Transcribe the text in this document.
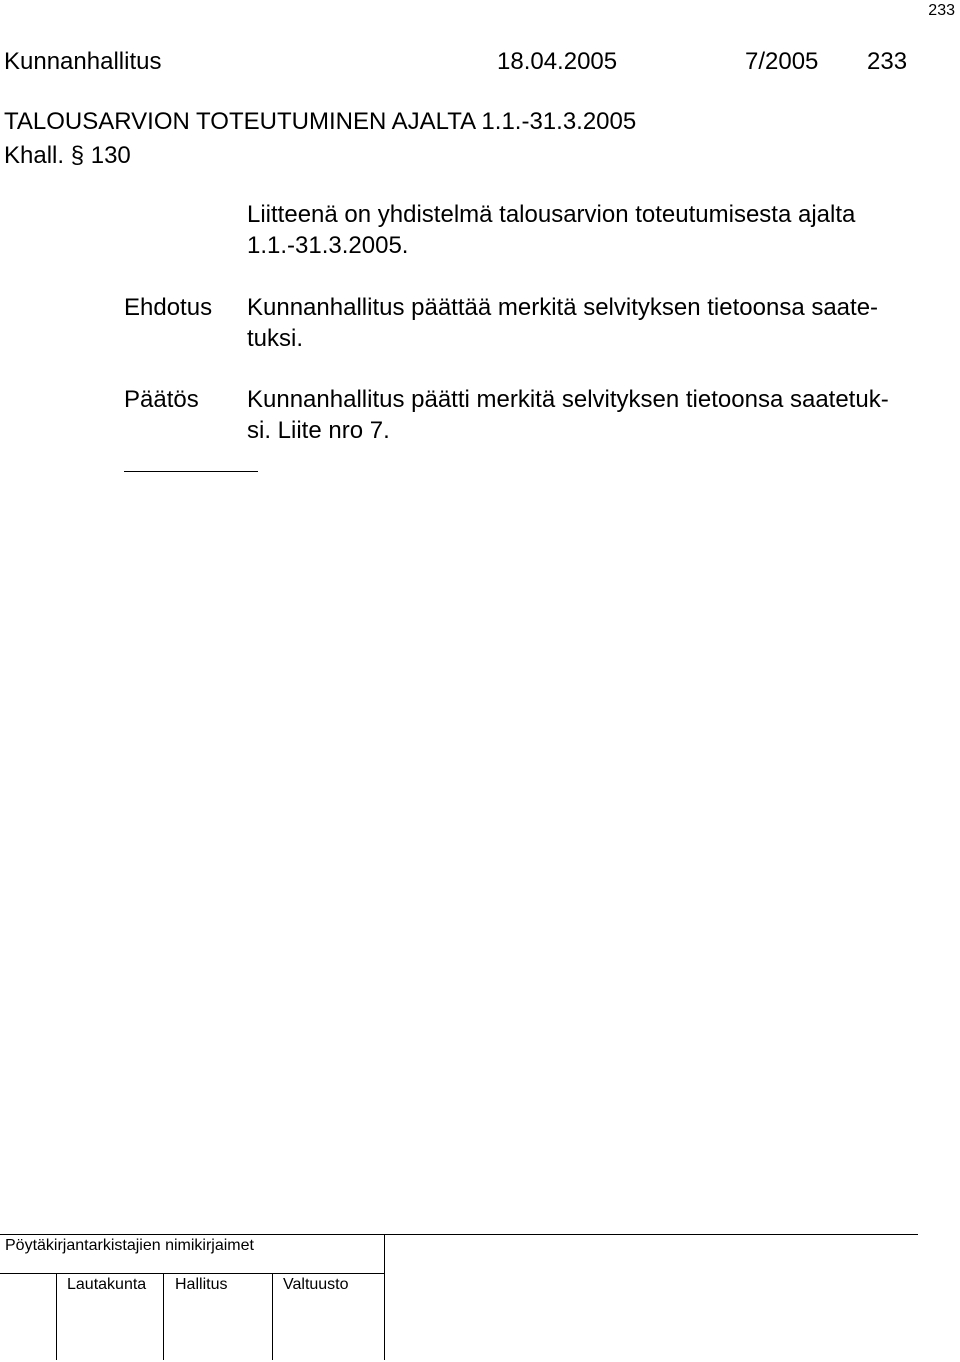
233
Kunnanhallitus	18.04.2005	7/2005 233
TALOUSARVION TOTEUTUMINEN AJALTA 1.1.-31.3.2005
Khall. § 130
Liitteenä on yhdistelmä talousarvion toteutumisesta ajalta
1.1.-31.3.2005.
Ehdotus Kunnanhallitus päättää merkitä selvityksen tietoonsa saate-
tuksi.
Päätös Kunnanhallitus päätti merkitä selvityksen tietoonsa saatetuk-
si. Liite nro 7.
Pöytäkirjantarkistajien nimikirjaimet
Lautakunta Hallitus	Valtuusto
